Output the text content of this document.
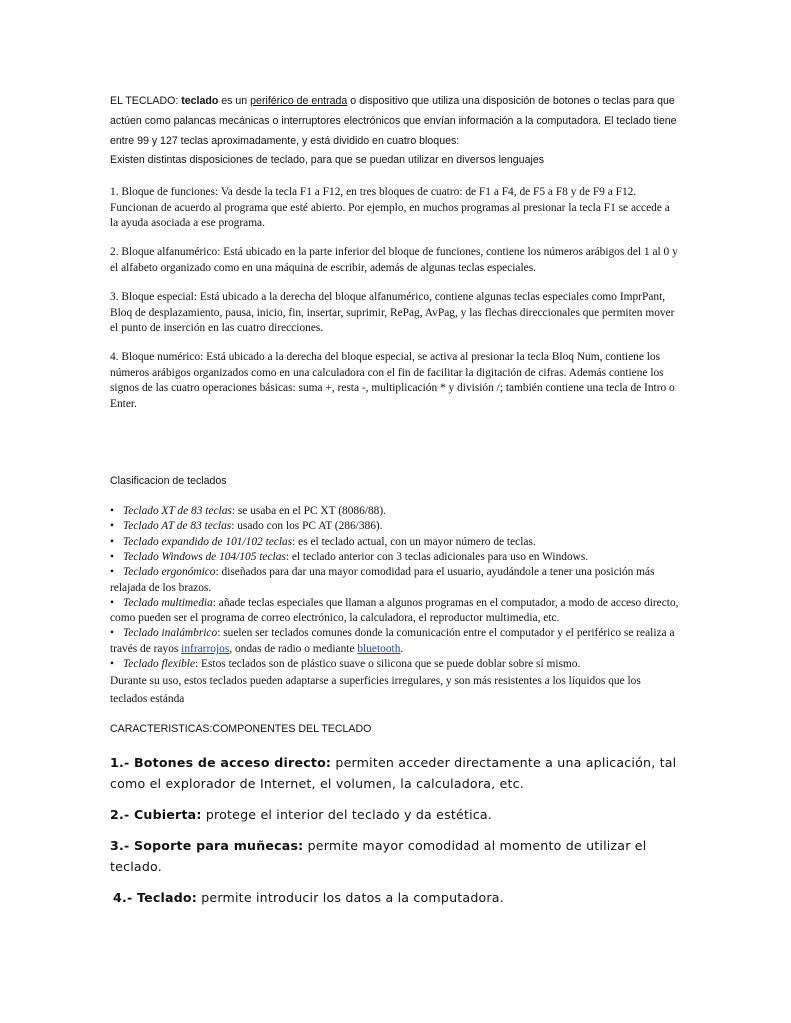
EL TECLADO: teclado es un periférico de entrada o dispositivo que utiliza una disposición de botones o teclas para que actúen como palancas mecánicas o interruptores electrónicos que envían información a la computadora. El teclado tiene entre 99 y 127 teclas aproximadamente, y está dividido en cuatro bloques:

Existen distintas disposiciones de teclado, para que se puedan utilizar en diversos lenguajes

1. Bloque de funciones: Va desde la tecla F1 a F12, en tres bloques de cuatro: de F1 a F4, de F5 a F8 y de F9 a F12. Funcionan de acuerdo al programa que esté abierto. Por ejemplo, en muchos programas al presionar la tecla F1 se accede a la ayuda asociada a ese programa.

2. Bloque alfanumérico: Está ubicado en la parte inferior del bloque de funciones, contiene los números arábigos del 1 al 0 y el alfabeto organizado como en una máquina de escribir, además de algunas teclas especiales.

3. Bloque especial: Está ubicado a la derecha del bloque alfanumérico, contiene algunas teclas especiales como ImprPant, Bloq de desplazamiento, pausa, inicio, fin, insertar, suprimir, RePag, AvPag, y las flechas direccionales que permiten mover el punto de inserción en las cuatro direcciones.

4. Bloque numérico: Está ubicado a la derecha del bloque especial, se activa al presionar la tecla Bloq Num, contiene los números arábigos organizados como en una calculadora con el fin de facilitar la digitación de cifras. Además contiene los signos de las cuatro operaciones básicas: suma +, resta -, multiplicación * y división /; también contiene una tecla de Intro o Enter.

Clasificacion de teclados

• Teclado XT de 83 teclas: se usaba en el PC XT (8086/88).
• Teclado AT de 83 teclas: usado con los PC AT (286/386).
• Teclado expandido de 101/102 teclas: es el teclado actual, con un mayor número de teclas.
• Teclado Windows de 104/105 teclas: el teclado anterior con 3 teclas adicionales para uso en Windows.
• Teclado ergonómico: diseñados para dar una mayor comodidad para el usuario, ayudándole a tener una posición más relajada de los brazos.
• Teclado multimedia: añade teclas especiales que llaman a algunos programas en el computador, a modo de acceso directo, como pueden ser el programa de correo electrónico, la calculadora, el reproductor multimedia, etc.
• Teclado inalámbrico: suelen ser teclados comunes donde la comunicación entre el computador y el periférico se realiza a través de rayos infrarrojos, ondas de radio o mediante bluetooth.
• Teclado flexible: Estos teclados son de plástico suave o silicona que se puede doblar sobre sí mismo.

Durante su uso, estos teclados pueden adaptarse a superficies irregulares, y son más resistentes a los líquidos que los teclados estánda

CARACTERISTICAS:COMPONENTES DEL TECLADO

1.- Botones de acceso directo: permiten acceder directamente a una aplicación, tal como el explorador de Internet, el volumen, la calculadora, etc.

2.- Cubierta: protege el interior del teclado y da estética.

3.- Soporte para muñecas: permite mayor comodidad al momento de utilizar el teclado.

4.- Teclado: permite introducir los datos a la computadora.
